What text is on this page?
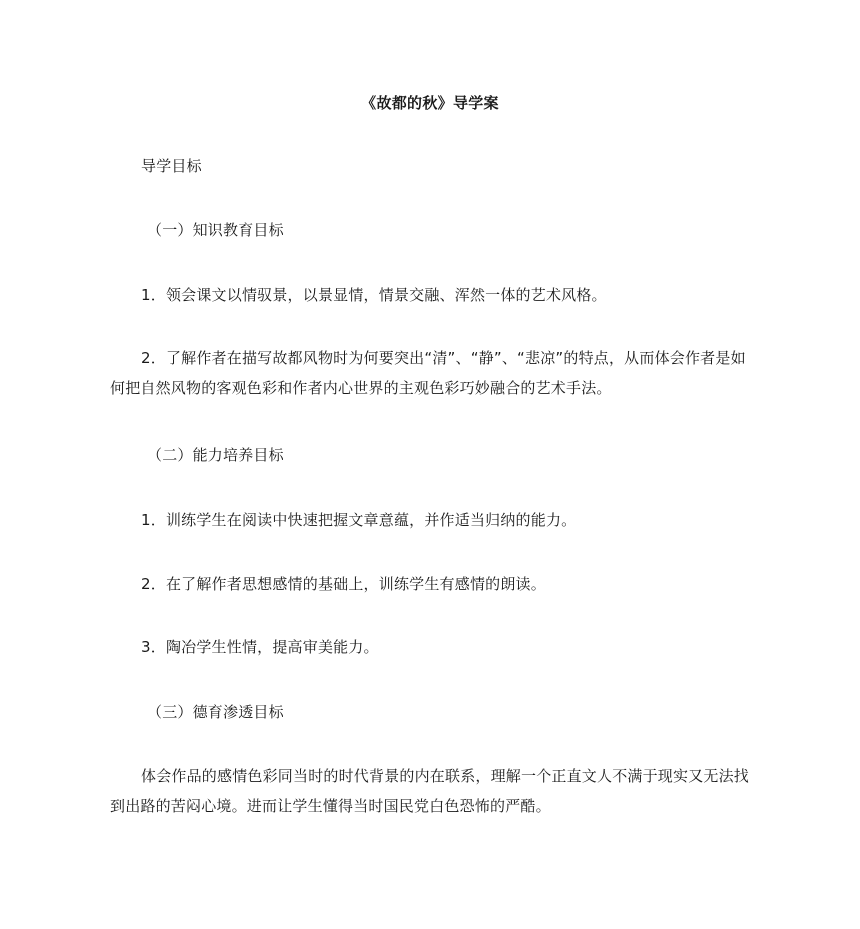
《故都的秋》导学案

导学目标

（一）知识教育目标

1．领会课文以情驭景，以景显情，情景交融、浑然一体的艺术风格。

2．了解作者在描写故都风物时为何要突出“清”、“静”、“悲凉”的特点，从而体会作者是如何把自然风物的客观色彩和作者内心世界的主观色彩巧妙融合的艺术手法。

（二）能力培养目标

1．训练学生在阅读中快速把握文章意蕴，并作适当归纳的能力。

2．在了解作者思想感情的基础上，训练学生有感情的朗读。

3．陶冶学生性情，提高审美能力。

（三）德育渗透目标

体会作品的感情色彩同当时的时代背景的内在联系，理解一个正直文人不满于现实又无法找到出路的苦闷心境。进而让学生懂得当时国民党白色恐怖的严酷。
